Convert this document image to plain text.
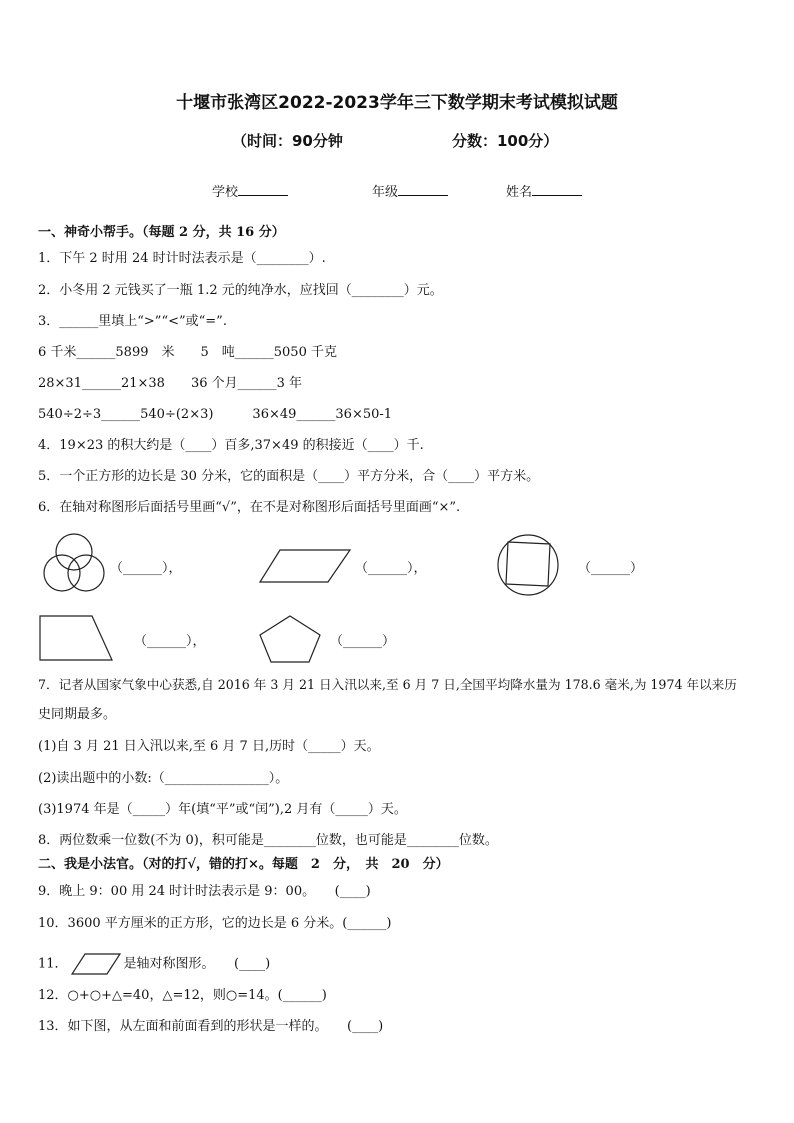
十堰市张湾区2022-2023学年三下数学期末考试模拟试题
（时间：90分钟	分数：100分）
学校	年级	姓名
一、神奇小帮手。（每题 2 分，共 16 分）
1．下午 2 时用 24 时计时法表示是（________）.
2．小冬用 2 元钱买了一瓶 1.2 元的纯净水，应找回（________）元。
3．______里填上“>”“<”或“=”.
6 千米______5899　米　　5　吨______5050 千克
28×31______21×38　　36 个月______3 年
540÷2÷3______540÷(2×3)　　　36×49______36×50-1
4．19×23 的积大约是（____）百多,37×49 的积接近（____）千.
5．一个正方形的边长是 30 分米，它的面积是（____）平方分米，合（____）平方米。
6．在轴对称图形后面括号里画“√”，在不是对称图形后面括号里面画“×”.
（______），	（______），	（______）
（______），	（______）
7．记者从国家气象中心获悉,自 2016 年 3 月 21 日入汛以来,至 6 月 7 日,全国平均降水量为 178.6 毫米,为 1974 年以来历
史同期最多。
(1)自 3 月 21 日入汛以来,至 6 月 7 日,历时（_____）天。
(2)读出题中的小数:（________________）。
(3)1974 年是（_____）年(填“平”或“闰”),2 月有（_____）天。
8．两位数乘一位数(不为 0)，积可能是________位数，也可能是________位数。
二、我是小法官。（对的打√，错的打×。每题　2　分，　共　20　分）
9．晚上 9：00 用 24 时计时法表示是 9：00。　　(____)
10．3600 平方厘米的正方形，它的边长是 6 分米。(______)
11．	是轴对称图形。　　(____)
12．○+○+△=40，△=12，则○=14。(______)
13．如下图，从左面和前面看到的形状是一样的。　　(____)
